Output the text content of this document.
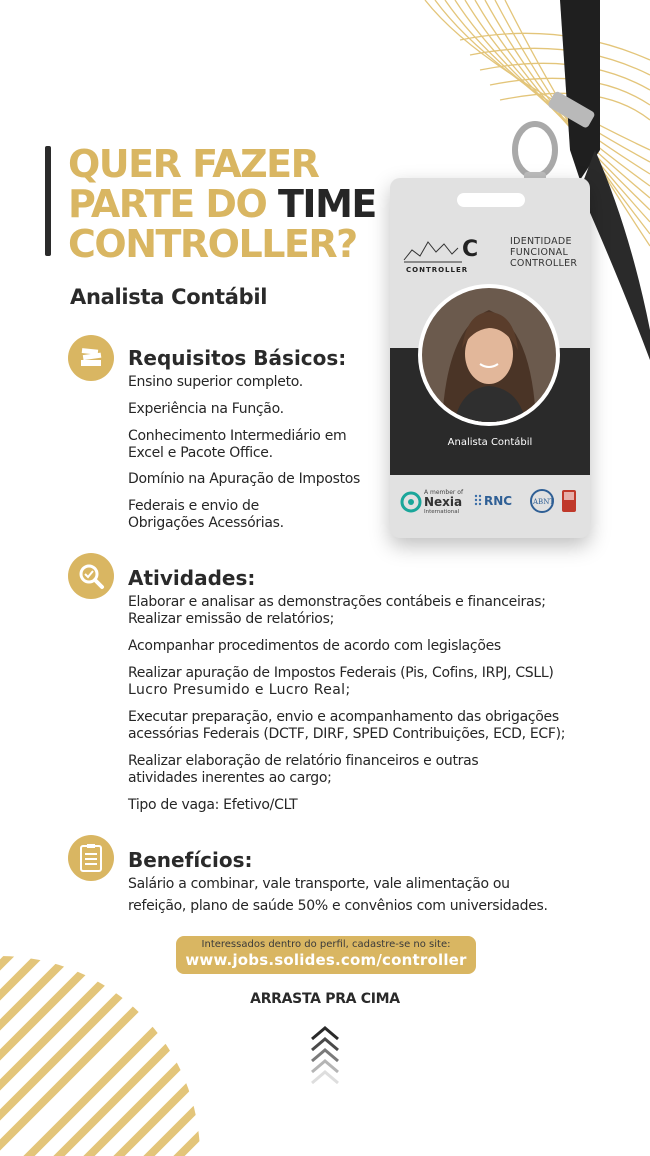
QUER FAZER
PARTE DO TIME
CONTROLLER?
Analista Contábil
C
CONTROLLER
IDENTIDADE
FUNCIONAL
CONTROLLER
Analista Contábil
A member of
Nexia
International
RNC	ABNT
Requisitos Básicos:
Ensino superior completo.
Experiência na Função.
Conhecimento Intermediário em
Excel e Pacote Office.
Domínio na Apuração de Impostos
Federais e envio de
Obrigações Acessórias.
Atividades:
Elaborar e analisar as demonstrações contábeis e financeiras;
Realizar emissão de relatórios;
Acompanhar procedimentos de acordo com legislações
Realizar apuração de Impostos Federais (Pis, Cofins, IRPJ, CSLL)
Lucro Presumido e Lucro Real;
Executar preparação, envio e acompanhamento das obrigações
acessórias Federais (DCTF, DIRF, SPED Contribuições, ECD, ECF);
Realizar elaboração de relatório financeiros e outras
atividades inerentes ao cargo;
Tipo de vaga: Efetivo/CLT
Benefícios:
Salário a combinar, vale transporte, vale alimentação ou
refeição, plano de saúde 50% e convênios com universidades.
Interessados dentro do perfil, cadastre-se no site:
www.jobs.solides.com/controller
ARRASTA PRA CIMA
